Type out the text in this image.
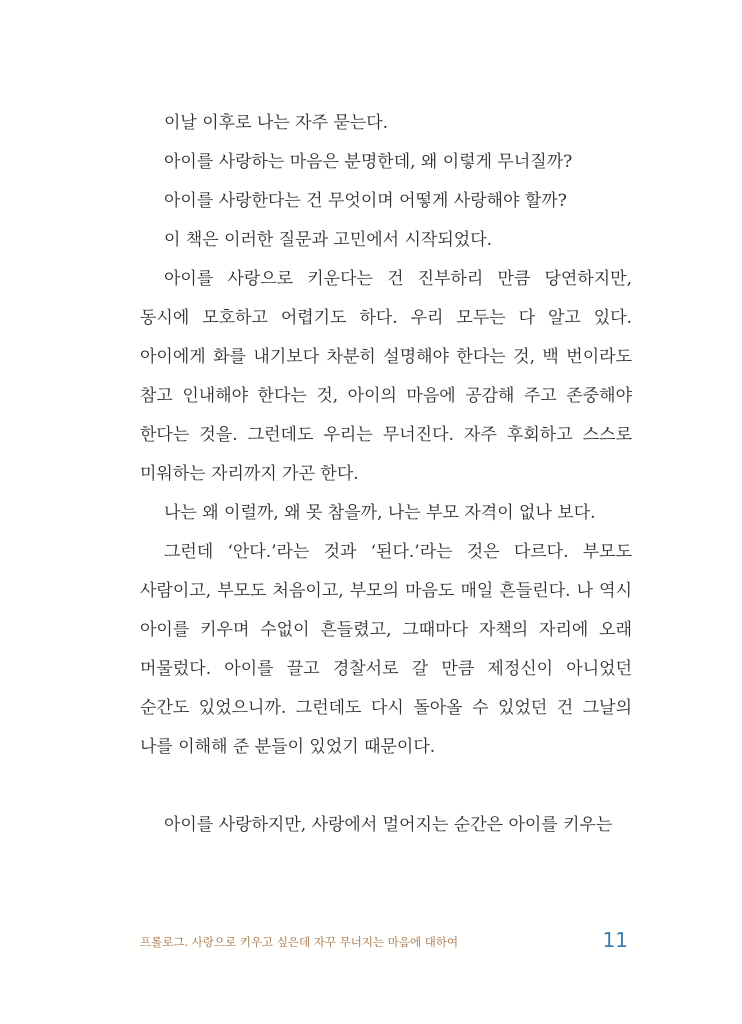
이날 이후로 나는 자주 묻는다.

아이를 사랑하는 마음은 분명한데, 왜 이렇게 무너질까?

아이를 사랑한다는 건 무엇이며 어떻게 사랑해야 할까?

이 책은 이러한 질문과 고민에서 시작되었다.

아이를 사랑으로 키운다는 건 진부하리 만큼 당연하지만, 동시에 모호하고 어렵기도 하다. 우리 모두는 다 알고 있다. 아이에게 화를 내기보다 차분히 설명해야 한다는 것, 백 번이라도 참고 인내해야 한다는 것, 아이의 마음에 공감해 주고 존중해야 한다는 것을. 그런데도 우리는 무너진다. 자주 후회하고 스스로 미워하는 자리까지 가곤 한다.

나는 왜 이럴까, 왜 못 참을까, 나는 부모 자격이 없나 보다.

그런데 ‘안다.’라는 것과 ‘된다.’라는 것은 다르다. 부모도 사람이고, 부모도 처음이고, 부모의 마음도 매일 흔들린다. 나 역시 아이를 키우며 수없이 흔들렸고, 그때마다 자책의 자리에 오래 머물렀다. 아이를 끌고 경찰서로 갈 만큼 제정신이 아니었던 순간도 있었으니까. 그런데도 다시 돌아올 수 있었던 건 그날의 나를 이해해 준 분들이 있었기 때문이다.

아이를 사랑하지만, 사랑에서 멀어지는 순간은 아이를 키우는

프롤로그. 사랑으로 키우고 싶은데 자꾸 무너지는 마음에 대하여	11
